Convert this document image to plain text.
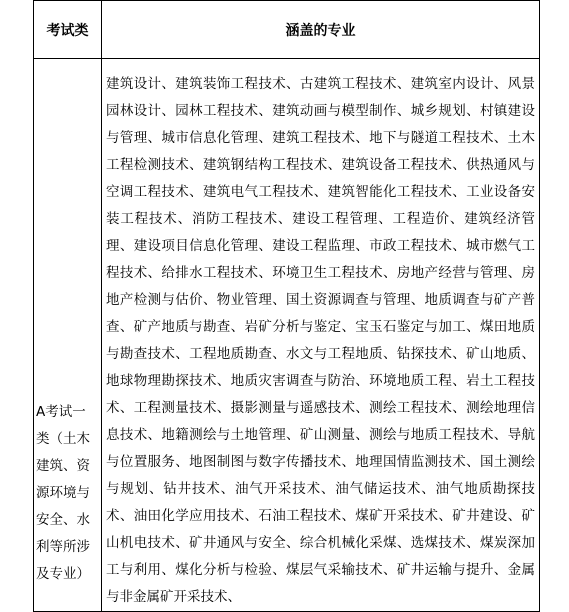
考试类	涵盖的专业
A考试一类（土木建筑、资源环境与安全、水利等所涉及专业）	建筑设计、建筑装饰工程技术、古建筑工程技术、建筑室内设计、风景园林设计、园林工程技术、建筑动画与模型制作、城乡规划、村镇建设与管理、城市信息化管理、建筑工程技术、地下与隧道工程技术、土木工程检测技术、建筑钢结构工程技术、建筑设备工程技术、供热通风与空调工程技术、建筑电气工程技术、建筑智能化工程技术、工业设备安装工程技术、消防工程技术、建设工程管理、工程造价、建筑经济管理、建设项目信息化管理、建设工程监理、市政工程技术、城市燃气工程技术、给排水工程技术、环境卫生工程技术、房地产经营与管理、房地产检测与估价、物业管理、国土资源调查与管理、地质调查与矿产普查、矿产地质与勘查、岩矿分析与鉴定、宝玉石鉴定与加工、煤田地质与勘查技术、工程地质勘查、水文与工程地质、钻探技术、矿山地质、地球物理勘探技术、地质灾害调查与防治、环境地质工程、岩土工程技术、工程测量技术、摄影测量与遥感技术、测绘工程技术、测绘地理信息技术、地籍测绘与土地管理、矿山测量、测绘与地质工程技术、导航与位置服务、地图制图与数字传播技术、地理国情监测技术、国土测绘与规划、钻井技术、油气开采技术、油气储运技术、油气地质勘探技术、油田化学应用技术、石油工程技术、煤矿开采技术、矿井建设、矿山机电技术、矿井通风与安全、综合机械化采煤、选煤技术、煤炭深加工与利用、煤化分析与检验、煤层气采输技术、矿井运输与提升、金属与非金属矿开采技术、
